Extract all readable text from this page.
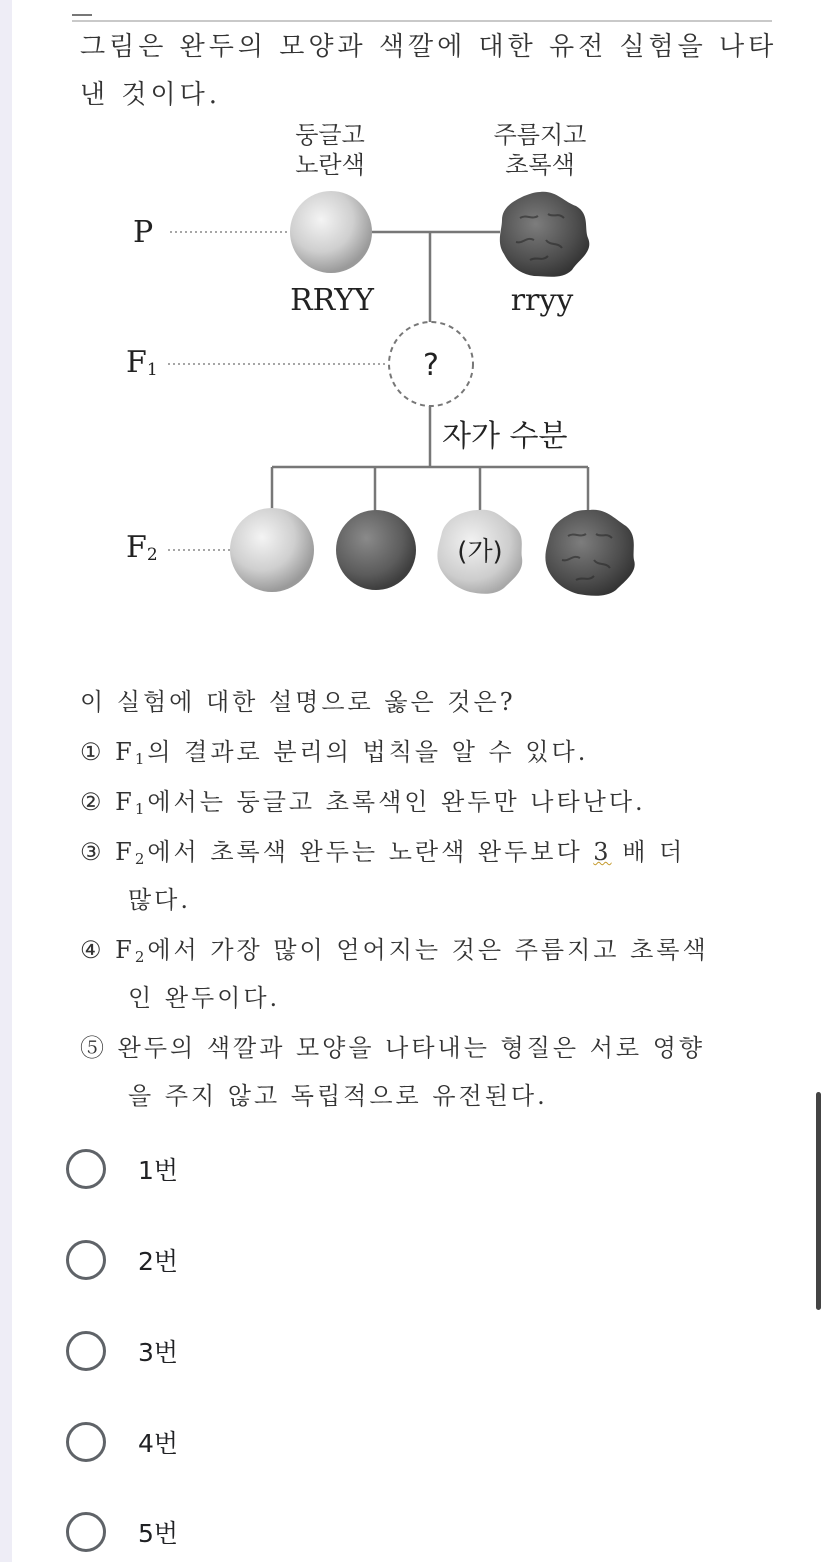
그림은 완두의 모양과 색깔에 대한 유전 실험을 나타
낸 것이다.
둥글고
노란색
주름지고
초록색
P
F1
F2
RRYY	rryy
?
자가 수분
(가)
이 실험에 대한 설명으로 옳은 것은?
① $F_1$의 결과로 분리의 법칙을 알 수 있다.
② $F_1$에서는 둥글고 초록색인 완두만 나타난다.
③ $F_2$에서 초록색 완두는 노란색 완두보다 3 배 더
많다.
④ $F_2$에서 가장 많이 얻어지는 것은 주름지고 초록색
인 완두이다.
⑤ 완두의 색깔과 모양을 나타내는 형질은 서로 영향
을 주지 않고 독립적으로 유전된다.
1번
2번
3번
4번
5번
